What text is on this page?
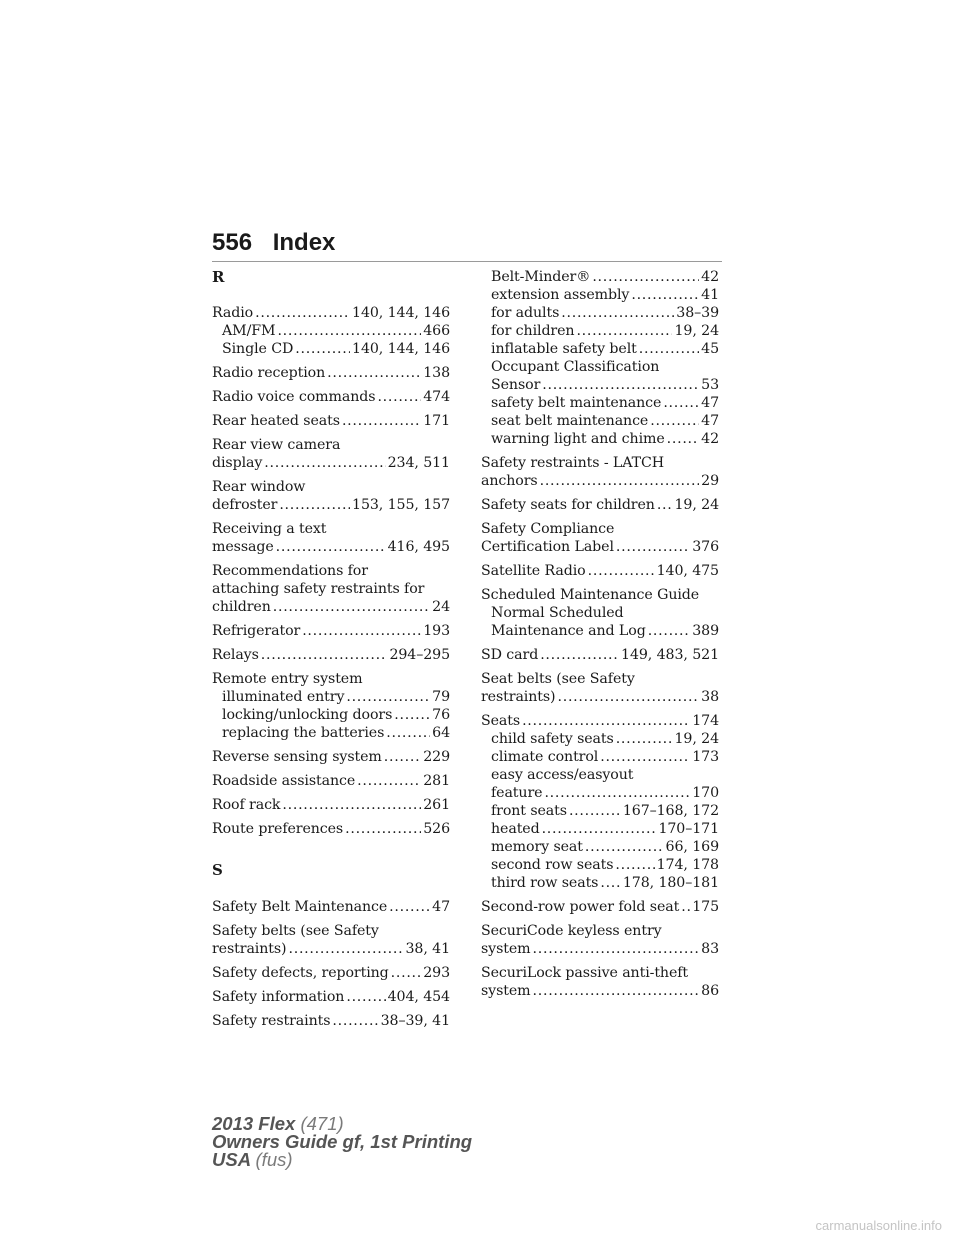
556 Index
R
Radio . . .	140, 144, 146
AM/FM . . .	466
Single CD . . .	140, 144, 146
Radio reception . . .	138
Radio voice commands . . .	474
Rear heated seats . . .	171
Rear view camera
display . . .	234, 511
Rear window
defroster . . .	153, 155, 157
Receiving a text
message . . .	416, 495
Recommendations for
attaching safety restraints for
children . . .	24
Refrigerator . . .	193
Relays . . .	294–295
Remote entry system
illuminated entry . . .	79
locking/unlocking doors . . .	76
replacing the batteries . . .	64
Reverse sensing system . . .	229
Roadside assistance . . .	281
Roof rack . . .	261
Route preferences . . .	526
S
Safety Belt Maintenance . . .	47
Safety belts (see Safety
restraints) . . .	38, 41
Safety defects, reporting . . . 293
Safety information . . .	404, 454
Safety restraints . . .	38–39, 41
Belt-Minder® . . .	42
extension assembly . . .	41
for adults . . .	38–39
for children . . .	19, 24
inflatable safety belt . . .	45
Occupant Classification
Sensor . . .	53
safety belt maintenance . . .	47
seat belt maintenance . . .	47
warning light and chime . . .	42
Safety restraints - LATCH
anchors . . .	29
Safety seats for children . . . 19, 24
Safety Compliance
Certification Label . . .	376
Satellite Radio . . .	140, 475
Scheduled Maintenance Guide
Normal Scheduled
Maintenance and Log . . .	389
SD card . . .	149, 483, 521
Seat belts (see Safety
restraints) . . .	38
Seats . . .	174
child safety seats . . .	19, 24
climate control . . .	173
easy access/easyout
feature . . .	170
front seats . . .	167–168, 172
heated . . .	170–171
memory seat . . .	66, 169
second row seats . . .	174, 178
third row seats . . . 178, 180–181
Second-row power fold seat . . . 175
SecuriCode keyless entry
system . . .	83
SecuriLock passive anti-theft
system . . .	86
2013 Flex (471)
Owners Guide gf, 1st Printing
USA (fus)
carmanualsonline.info
